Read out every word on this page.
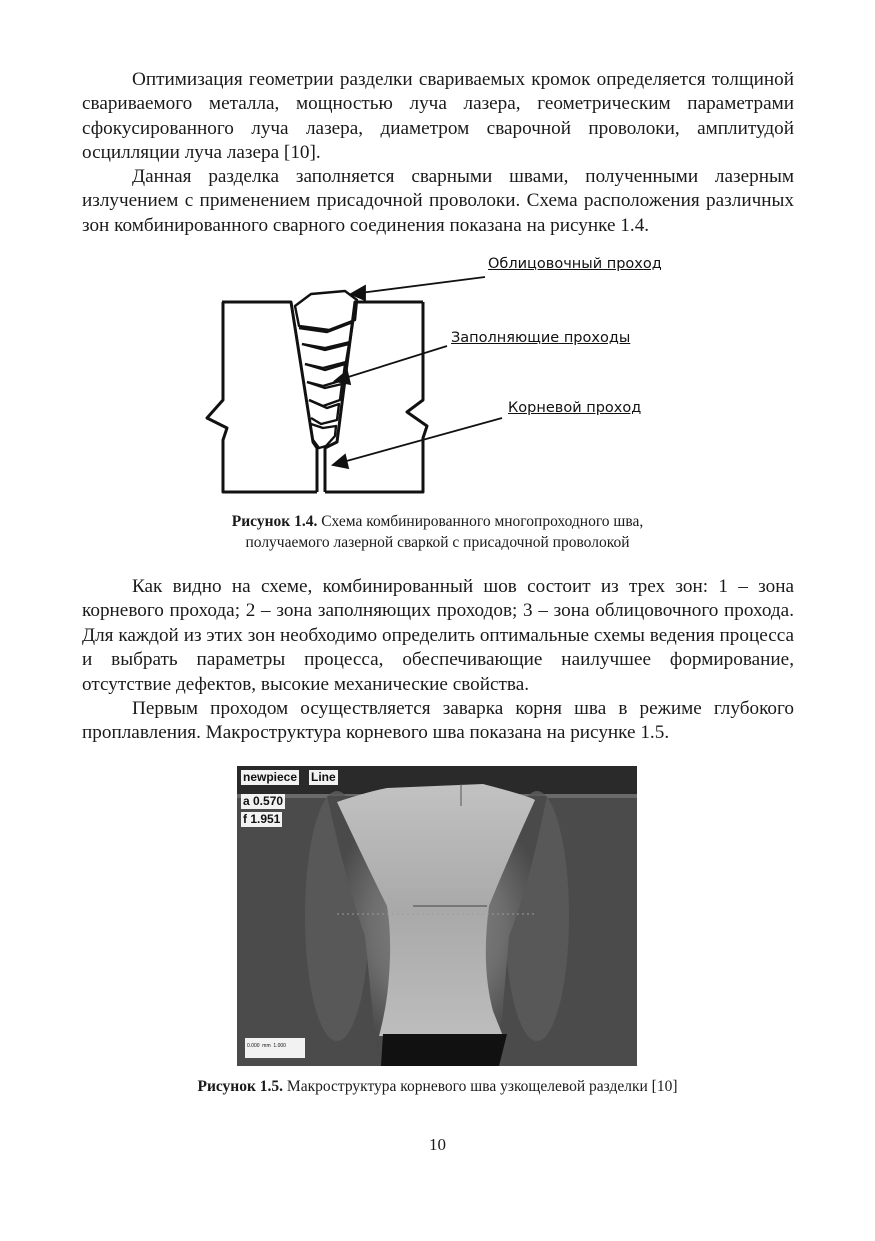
Оптимизация геометрии разделки свариваемых кромок определяется толщиной свариваемого металла, мощностью луча лазера, геометрическим параметрами сфокусированного луча лазера, диаметром сварочной проволоки, амплитудой осцилляции луча лазера [10].

Данная разделка заполняется сварными швами, полученными лазерным излучением с применением присадочной проволоки. Схема расположения различных зон комбинированного сварного соединения показана на рисунке 1.4.

Облицовочный проход
Заполняющие проходы
Корневой проход
Рисунок 1.4. Схема комбинированного многопроходного шва,
получаемого лазерной сваркой с присадочной проволокой

Как видно на схеме, комбинированный шов состоит из трех зон: 1 – зона корневого прохода; 2 – зона заполняющих проходов; 3 – зона облицовочного прохода. Для каждой из этих зон необходимо определить оптимальные схемы ведения процесса и выбрать параметры процесса, обеспечивающие наилучшее формирование, отсутствие дефектов, высокие механические свойства.

Первым проходом осуществляется заварка корня шва в режиме глубокого проплавления. Макроструктура корневого шва показана на рисунке 1.5.

newpiece Line
a 0.570
f 1.951
0.000  mm  1.000
Рисунок 1.5. Макроструктура корневого шва узкощелевой разделки [10]
10
